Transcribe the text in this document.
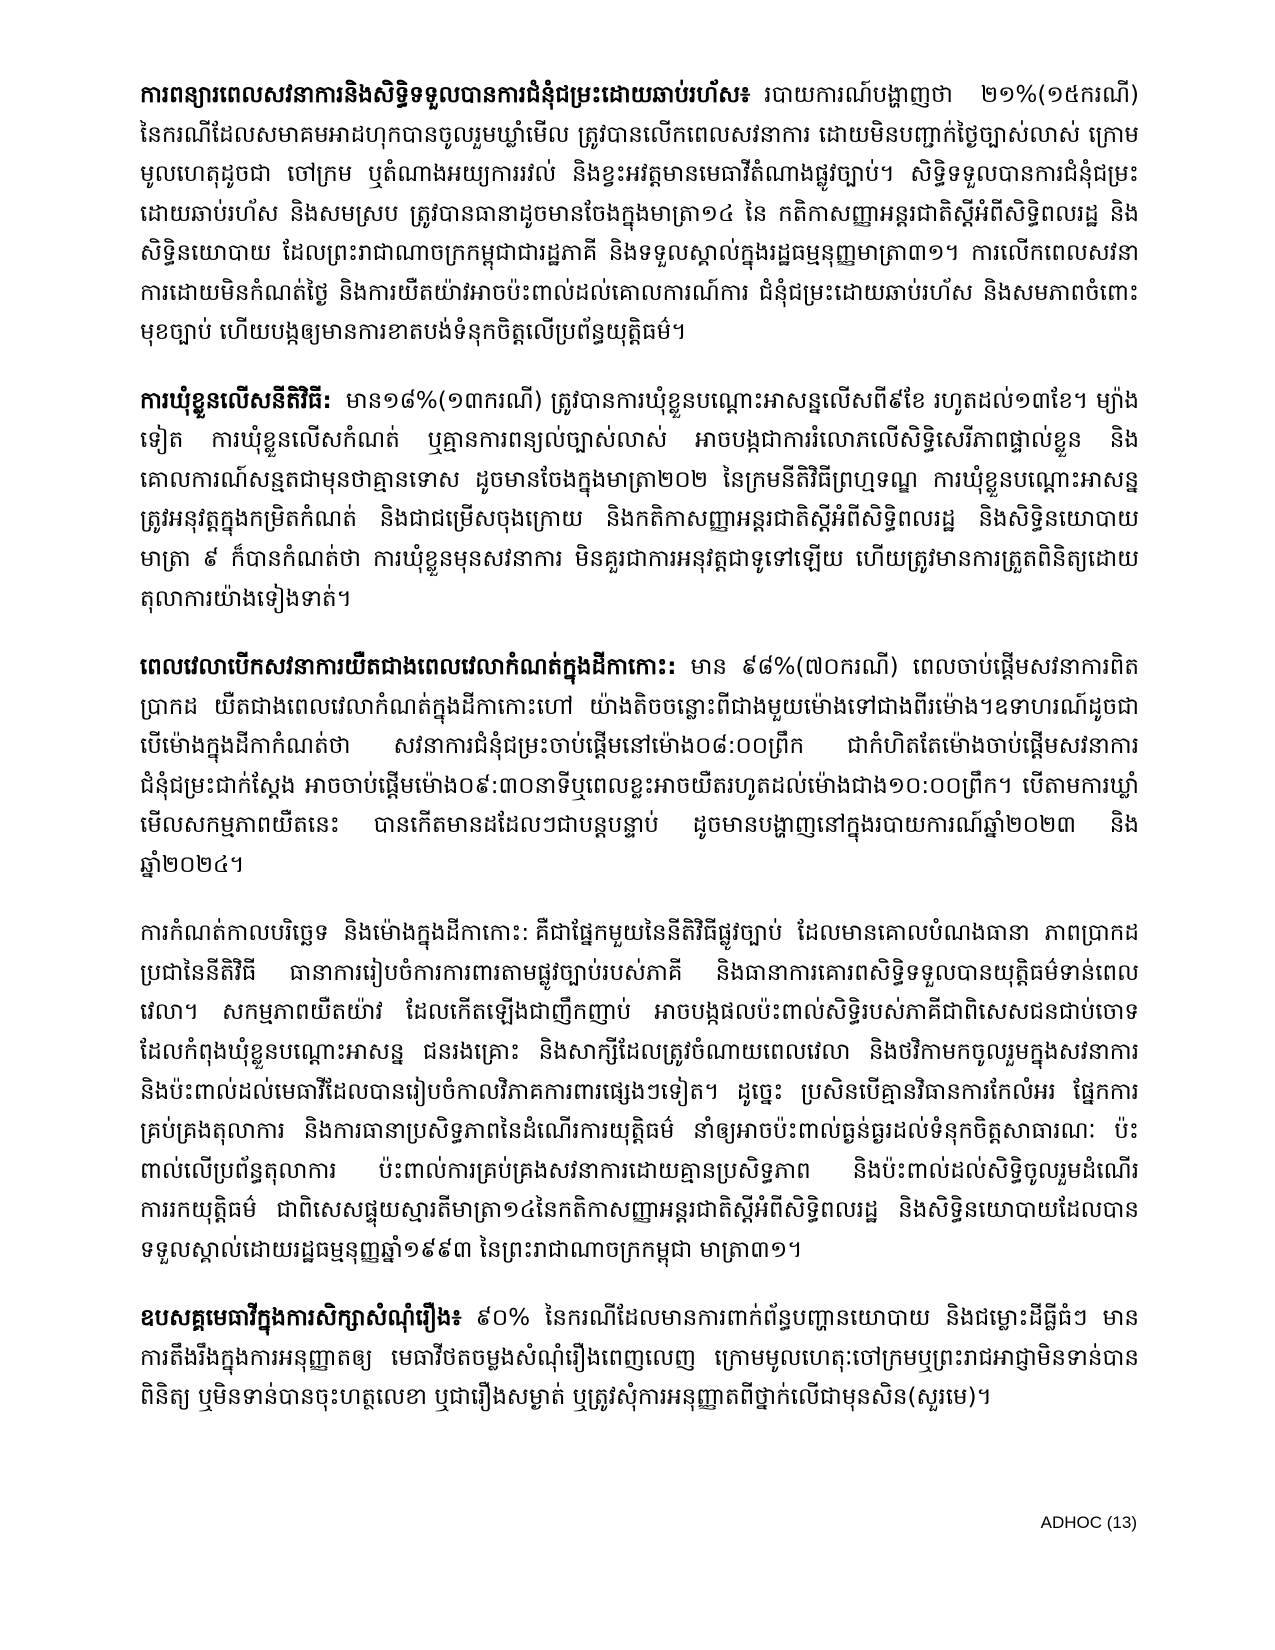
ការពន្យារពេលសវនាការនិងសិទ្ធិទទួលបានការជំនុំជម្រះដោយឆាប់រហ័ស៖ របាយការណ៍បង្ហាញថា ២១%(១៥ករណី) នៃករណីដែលសមាគមអាដហុកបានចូលរួមឃ្លាំមើល ត្រូវបានលើកពេលសវនាការ ដោយមិនបញ្ជាក់ថ្ងៃច្បាស់លាស់ ក្រោមមូលហេតុដូចជា ចៅក្រម ឬតំណាងអយ្យការរវល់ និងខ្វះអវត្តមានមេធាវីតំណាងផ្លូវច្បាប់។ សិទ្ធិទទួលបានការជំនុំជម្រះដោយឆាប់រហ័ស និងសមស្រប ត្រូវបានធានាដូចមានចែងក្នុងមាត្រា១៤ នៃ កតិកាសញ្ញាអន្តរជាតិស្តីអំពីសិទ្ធិពលរដ្ឋ និងសិទ្ធិនយោបាយ ដែលព្រះរាជាណាចក្រកម្ពុជាជារដ្ឋភាគី និងទទួលស្គាល់ក្នុងរដ្ឋធម្មនុញ្ញមាត្រា៣១។ ការលើកពេលសវនាការដោយមិនកំណត់ថ្ងៃ និងការយឺតយ៉ាវអាចប៉ះពាល់ដល់គោលការណ៍ការ ជំនុំជម្រះដោយឆាប់រហ័ស និងសមភាពចំពោះមុខច្បាប់ ហើយបង្កឲ្យមានការខាតបង់ទំនុកចិត្តលើប្រព័ន្ធយុត្តិធម៌។

ការឃុំខ្លួនលើសនីតិវិធី: មាន១៨%(១៣ករណី) ត្រូវបានការឃុំខ្លួនបណ្ដោះអាសន្នលើសពី៩ខែ រហូតដល់១៣ខែ។ ម្យ៉ាងទៀត ការឃុំខ្លួនលើសកំណត់ ឬគ្មានការពន្យល់ច្បាស់លាស់ អាចបង្កជាការរំលោភលើសិទ្ធិសេរីភាពផ្ទាល់ខ្លួន និងគោលការណ៍សន្មតជាមុនថាគ្មានទោស ដូចមានចែងក្នុងមាត្រា២០២ នៃក្រមនីតិវិធីព្រហ្មទណ្ឌ ការឃុំខ្លួនបណ្ដោះអាសន្នត្រូវអនុវត្តក្នុងកម្រិតកំណត់ និងជាជម្រើសចុងក្រោយ និងកតិកាសញ្ញាអន្តរជាតិស្ដីអំពីសិទ្ធិពលរដ្ឋ និងសិទ្ធិនយោបាយ មាត្រា ៩ ក៏បានកំណត់ថា ការឃុំខ្លួនមុនសវនាការ មិនគួរជាការអនុវត្តជាទូទៅឡើយ ហើយត្រូវមានការត្រួតពិនិត្យដោយតុលាការយ៉ាងទៀងទាត់។

ពេលវេលាបើកសវនាការយឺតជាងពេលវេលាកំណត់ក្នុងដីកាកោះ: មាន ៩៨%(៧០ករណី) ពេលចាប់ផ្ដើមសវនាការពិតប្រាកដ យឺតជាងពេលវេលាកំណត់ក្នុងដីកាកោះហៅ យ៉ាងតិចចន្លោះពីជាងមួយម៉ោងទៅជាងពីរម៉ោង។ឧទាហរណ៍ដូចជា បើម៉ោងក្នុងដីកាកំណត់ថា សវនាការជំនុំជម្រះចាប់ផ្ដើមនៅម៉ោង០៨:០០ព្រឹក ជាកំហិតតែម៉ោងចាប់ផ្ដើមសវនាការជំនុំជម្រះជាក់ស្ដែង អាចចាប់ផ្ដើមម៉ោង០៩:៣០នាទីឬពេលខ្លះអាចយឺតរហូតដល់ម៉ោងជាង១០:០០ព្រឹក។ បើតាមការឃ្លាំមើលសកម្មភាពយឺតនេះ បានកើតមានដដែលៗជាបន្តបន្ទាប់ ដូចមានបង្ហាញនៅក្នុងរបាយការណ៍ឆ្នាំ២០២៣ និងឆ្នាំ២០២៤។

ការកំណត់កាលបរិច្ឆេទ និងម៉ោងក្នុងដីកាកោះ: គឺជាផ្នែកមួយនៃនីតិវិធីផ្លូវច្បាប់ ដែលមានគោលបំណងធានា ភាពប្រាកដប្រជានៃនីតិវិធី ធានាការរៀបចំការការពារតាមផ្លូវច្បាប់របស់ភាគី និងធានាការគោរពសិទ្ធិទទួលបានយុត្តិធម៌ទាន់ពេលវេលា។ សកម្មភាពយឺតយ៉ាវ ដែលកើតឡើងជាញឹកញាប់ អាចបង្កផលប៉ះពាល់សិទ្ធិរបស់ភាគីជាពិសេសជនជាប់ចោទ ដែលកំពុងឃុំខ្លួនបណ្ដោះអាសន្ន ជនរងគ្រោះ និងសាក្សីដែលត្រូវចំណាយពេលវេលា និងថវិកាមកចូលរួមក្នុងសវនាការ និងប៉ះពាល់ដល់មេធាវីដែលបានរៀបចំកាលវិភាគការពារផ្សេងៗទៀត។ ដូច្នេះ ប្រសិនបើគ្មានវិធានការកែលំអរ ផ្នែកការគ្រប់គ្រងតុលាការ និងការធានាប្រសិទ្ធភាពនៃដំណើរការយុត្តិធម៌ នាំឲ្យអាចប៉ះពាល់ធ្ងន់ធ្ងរដល់ទំនុកចិត្តសាធារណៈ ប៉ះពាល់លើប្រព័ន្ធតុលាការ ប៉ះពាល់ការគ្រប់គ្រងសវនាការដោយគ្មានប្រសិទ្ធភាព និងប៉ះពាល់ដល់សិទ្ធិចូលរួមដំណើរការរកយុត្តិធម៌ ជាពិសេសផ្ទុយស្មារតីមាត្រា១៤នៃកតិកាសញ្ញាអន្តរជាតិស្ដីអំពីសិទ្ធិពលរដ្ឋ និងសិទ្ធិនយោបាយដែលបានទទួលស្គាល់ដោយរដ្ឋធម្មនុញ្ញឆ្នាំ១៩៩៣ នៃព្រះរាជាណាចក្រកម្ពុជា មាត្រា៣១។

ឧបសគ្គមេធាវីក្នុងការសិក្សាសំណុំរឿង៖ ៩០% នៃករណីដែលមានការពាក់ព័ន្ធបញ្ហានយោបាយ និងជម្លោះដីធ្លីធំៗ មានការតឹងរឹងក្នុងការអនុញ្ញាតឲ្យ មេធាវីថតចម្លងសំណុំរឿងពេញលេញ ក្រោមមូលហេតុៈចៅក្រមឬព្រះរាជអាជ្ញាមិនទាន់បានពិនិត្យ ឬមិនទាន់បានចុះហត្ថលេខា ឬជារឿងសម្ងាត់ ឬត្រូវសុំការអនុញ្ញាតពីថ្នាក់លើជាមុនសិន(សួរមេ)។

ADHOC (13)
